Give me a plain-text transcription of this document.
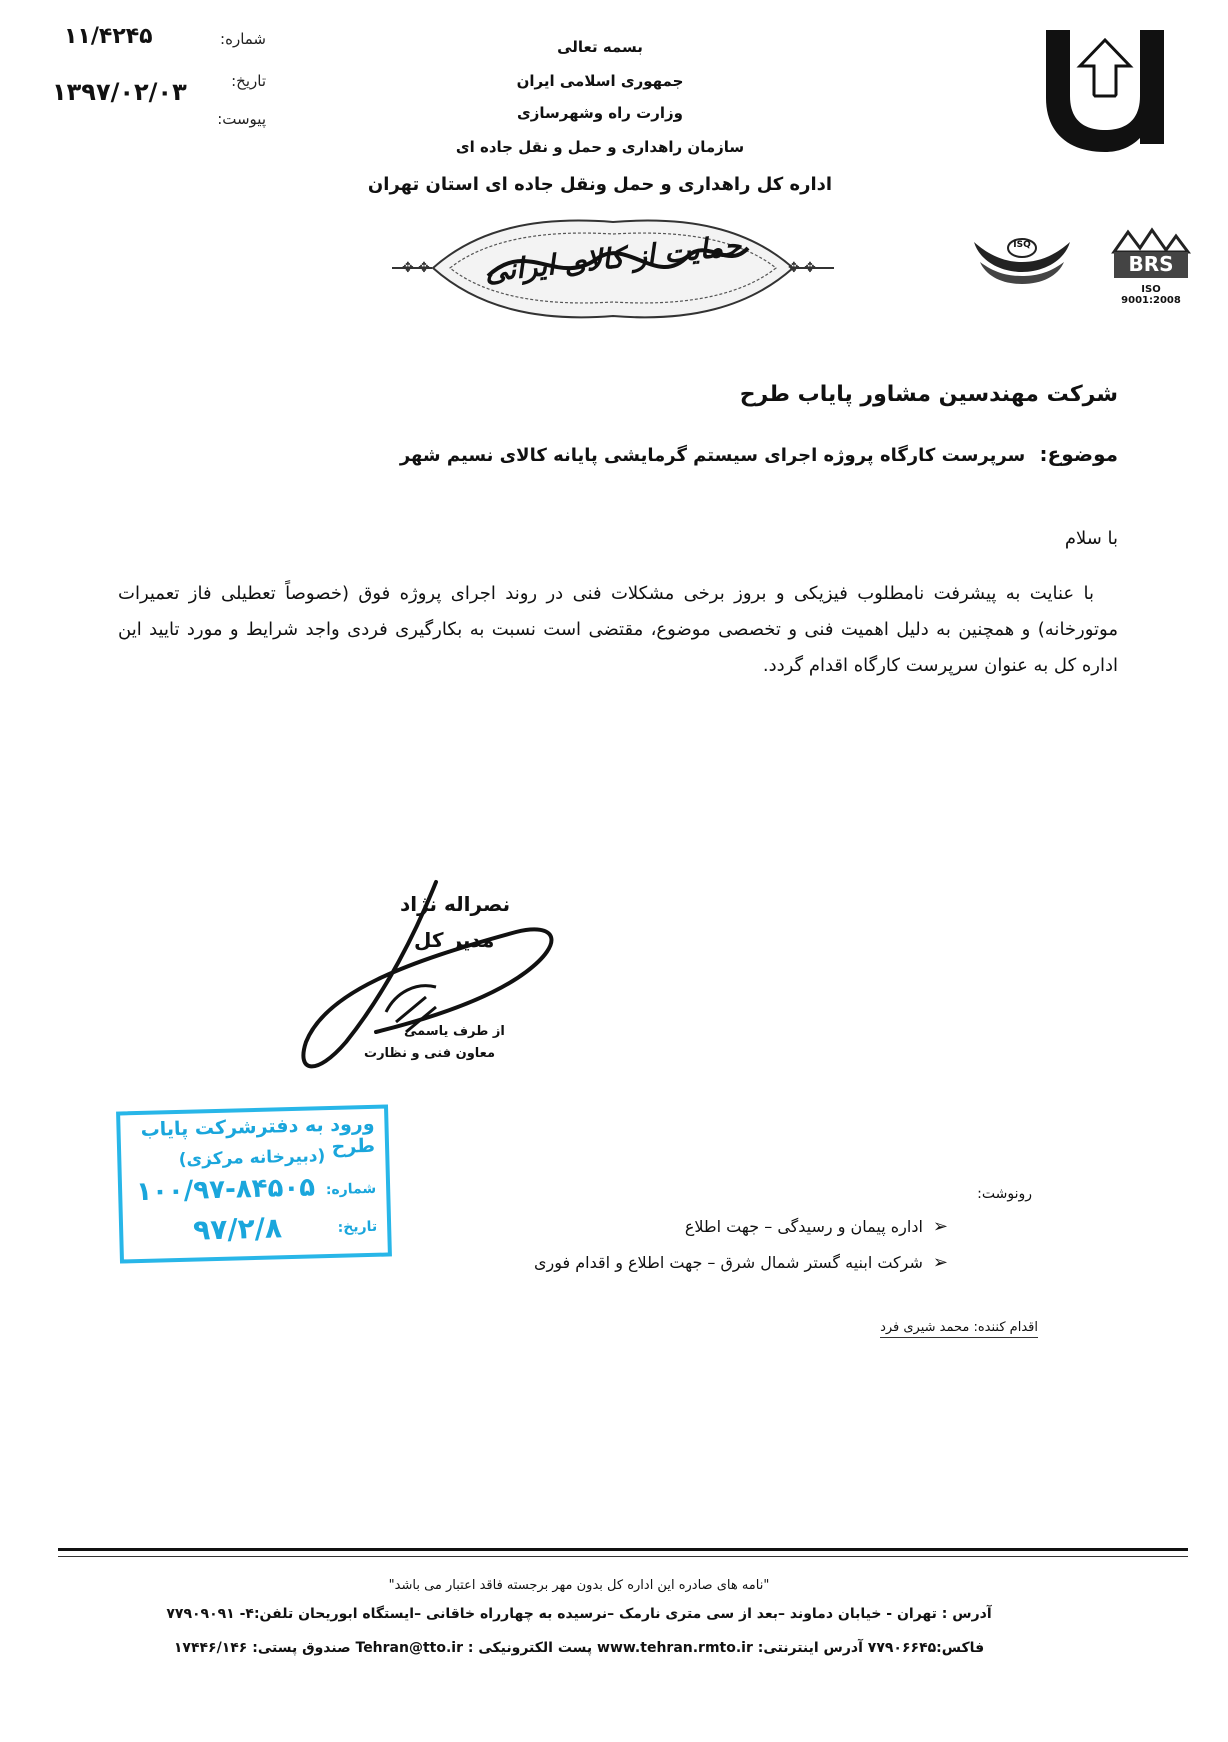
شماره:
۱۱/۴۲۴۵
تاریخ:
۱۳۹۷/۰۲/۰۳
پیوست:
بسمه تعالی
جمهوری اسلامی ایران
وزارت راه وشهرسازی
سازمان راهداری و حمل و نقل جاده ای
اداره کل راهداری و حمل ونقل جاده ای استان تهران
✥ ✥	✥ ✥
حمایت از کالای ایرانی	ISQ
BRS
ISO 9001:2008
شرکت مهندسین مشاور پایاب طرح
موضوع: سرپرست کارگاه پروژه اجرای سیستم گرمایشی پایانه کالای نسیم شهر
با سلام
با عنایت به پیشرفت نامطلوب فیزیکی و بروز برخی مشکلات فنی در روند اجرای پروژه فوق (خصوصاً تعطیلی فاز تعمیرات موتورخانه) و همچنین به دلیل اهمیت فنی و تخصصی موضوع، مقتضی است نسبت به بکارگیری فردی واجد شرایط و مورد تایید این اداره کل به عنوان سرپرست کارگاه اقدام گردد.
نصراله نژاد
مدیر کل
از طرف یاسمی
معاون فنی و نظارت
ورود به دفترشرکت پایاب طرح
(دبیرخانه مرکزی)
شماره:
۱۰۰/۹۷-۸۴۵۰۵
تاریخ:
۹۷/۲/۸
رونوشت:
➢اداره پیمان و رسیدگی – جهت اطلاع
➢شرکت ابنیه گستر شمال شرق – جهت اطلاع و اقدام فوری
اقدام کننده: محمد شیری فرد
"نامه های صادره این اداره کل بدون مهر برجسته فاقد اعتبار می باشد"
آدرس : تهران - خیابان دماوند –بعد از سی متری نارمک –نرسیده به چهارراه خاقانی –ایستگاه ابوریحان تلفن:۴- ۷۷۹۰۹۰۹۱
فاکس:۷۷۹۰۶۶۴۵ آدرس اینترنتی: www.tehran.rmto.ir پست الکترونیکی : Tehran@tto.ir صندوق پستی: ۱۷۴۴۶/۱۴۶
